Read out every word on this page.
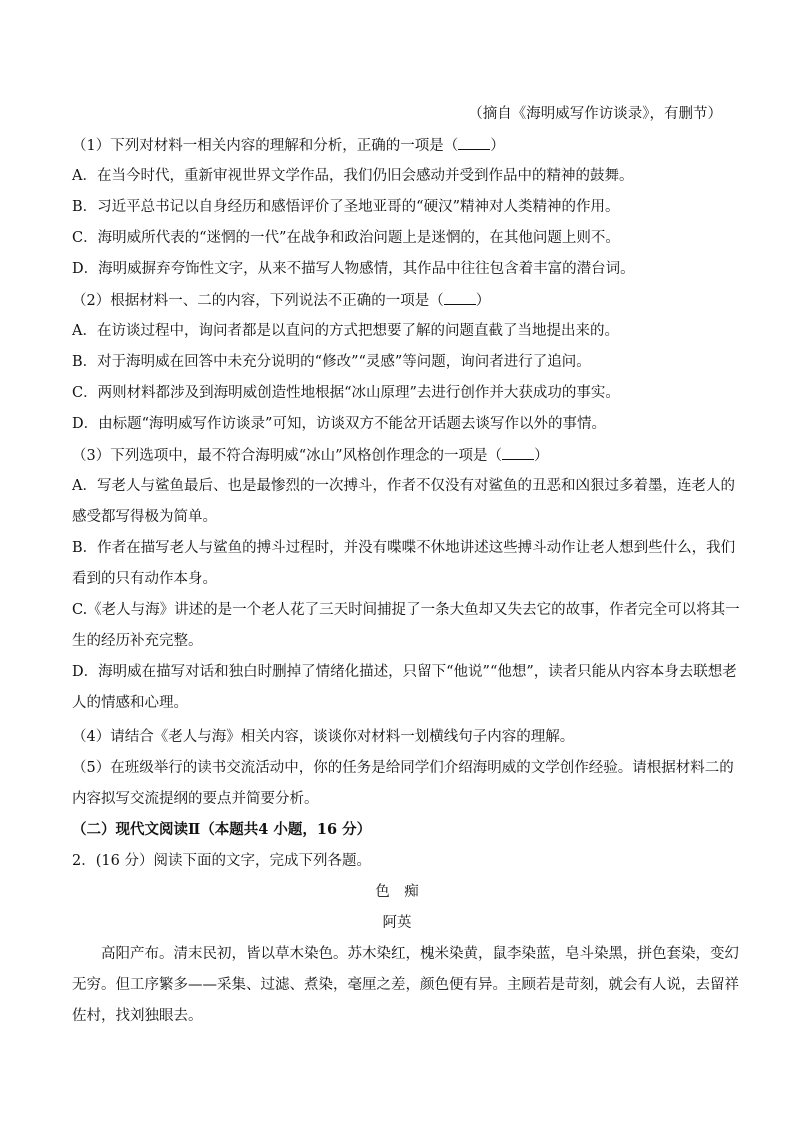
（摘自《海明威写作访谈录》，有删节）
（1）下列对材料一相关内容的理解和分析，正确的一项是（ ）
A．在当今时代，重新审视世界文学作品，我们仍旧会感动并受到作品中的精神的鼓舞。
B．习近平总书记以自身经历和感悟评价了圣地亚哥的“硬汉”精神对人类精神的作用。
C．海明威所代表的“迷惘的一代”在战争和政治问题上是迷惘的，在其他问题上则不。
D．海明威摒弃夸饰性文字，从来不描写人物感情，其作品中往往包含着丰富的潜台词。
（2）根据材料一、二的内容，下列说法不正确的一项是（ ）
A．在访谈过程中，询问者都是以直问的方式把想要了解的问题直截了当地提出来的。
B．对于海明威在回答中未充分说明的“修改”“灵感”等问题，询问者进行了追问。
C．两则材料都涉及到海明威创造性地根据“冰山原理”去进行创作并大获成功的事实。
D．由标题“海明威写作访谈录”可知，访谈双方不能岔开话题去谈写作以外的事情。
（3）下列选项中，最不符合海明威“冰山”风格创作理念的一项是（ ）
A．写老人与鲨鱼最后、也是最惨烈的一次搏斗，作者不仅没有对鲨鱼的丑恶和凶狠过多着墨，连老人的
感受都写得极为简单。
B．作者在描写老人与鲨鱼的搏斗过程时，并没有喋喋不休地讲述这些搏斗动作让老人想到些什么，我们
看到的只有动作本身。
C.《老人与海》讲述的是一个老人花了三天时间捕捉了一条大鱼却又失去它的故事，作者完全可以将其一
生的经历补充完整。
D．海明威在描写对话和独白时删掉了情绪化描述，只留下“他说”“他想”，读者只能从内容本身去联想老
人的情感和心理。
（4）请结合《老人与海》相关内容，谈谈你对材料一划横线句子内容的理解。
（5）在班级举行的读书交流活动中，你的任务是给同学们介绍海明威的文学创作经验。请根据材料二的
内容拟写交流提纲的要点并简要分析。
（二）现代文阅读Ⅱ（本题共4 小题，16 分）
2．(16 分）阅读下面的文字，完成下列各题。
色　痴
阿英
　　高阳产布。清末民初，皆以草木染色。苏木染红，槐米染黄，鼠李染蓝，皂斗染黑，拼色套染，变幻
无穷。但工序繁多——采集、过滤、煮染，毫厘之差，颜色便有异。主顾若是苛刻，就会有人说，去留祥
佐村，找刘独眼去。
